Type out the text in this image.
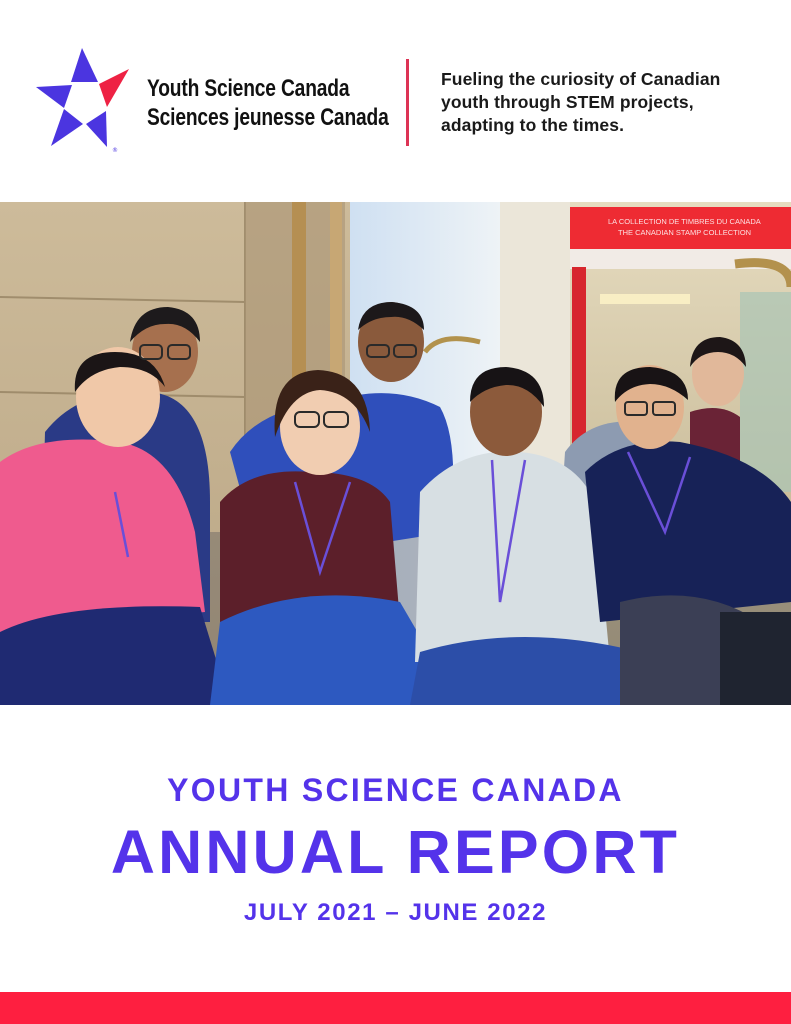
®
Youth Science Canada
Sciences jeunesse Canada
Fueling the curiosity of Canadian
youth through STEM projects,
adapting to the times.
LA COLLECTION DE TIMBRES DU CANADA
THE CANADIAN STAMP COLLECTION
YOUTH SCIENCE CANADA
ANNUAL REPORT
JULY 2021 – JUNE 2022
